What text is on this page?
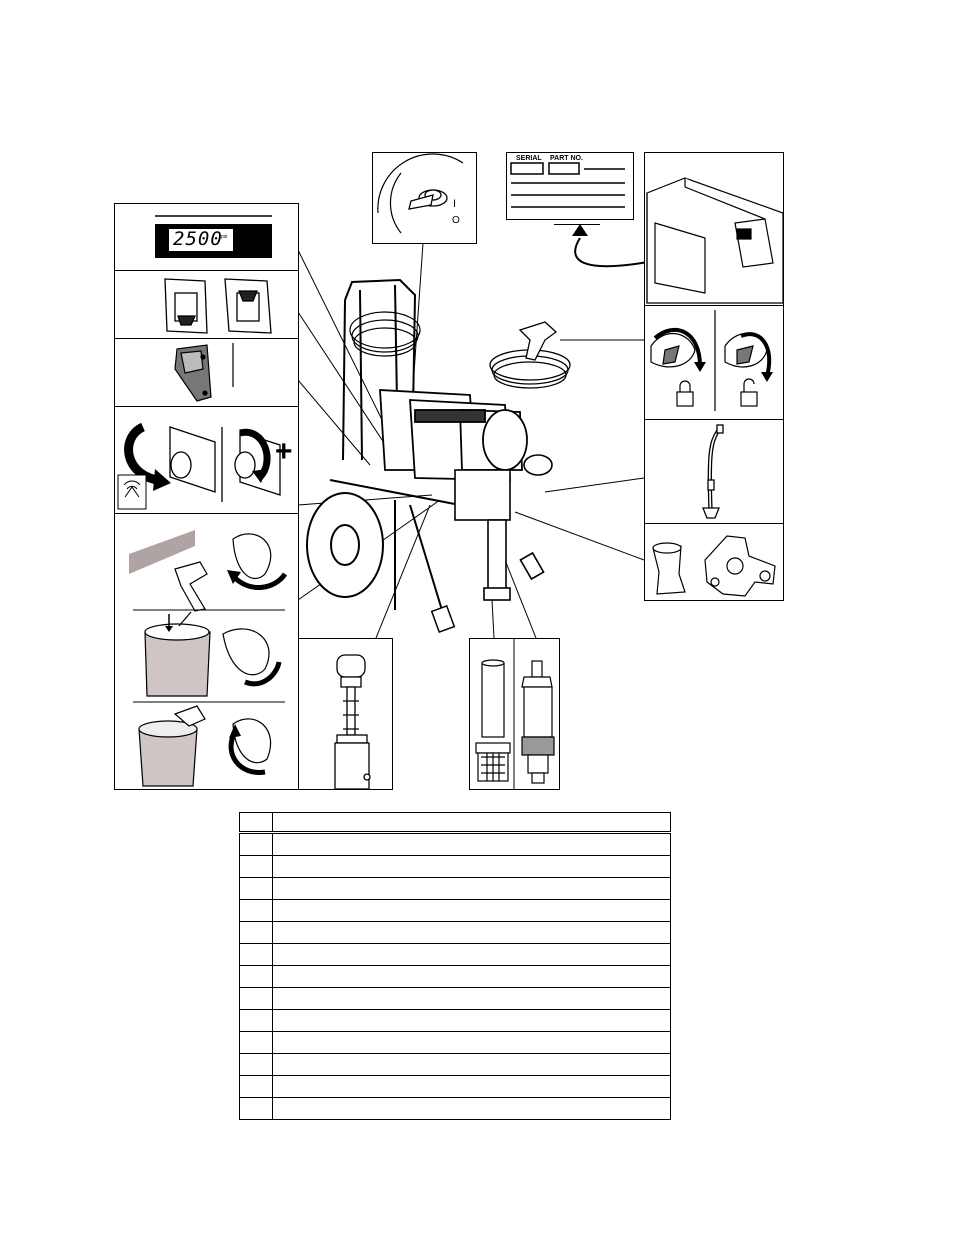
2500
psi
+
I
O
SERIAL PART NO.
